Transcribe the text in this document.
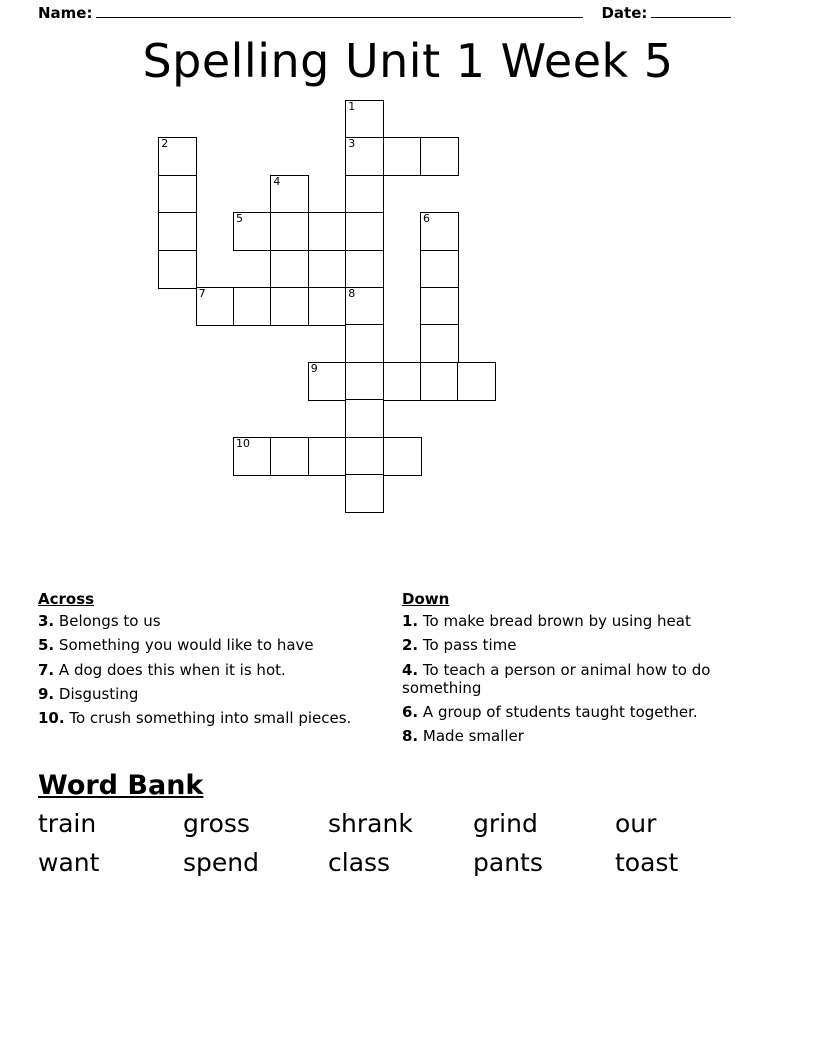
Name:	Date:
Spelling Unit 1 Week 5
1
3
2
4
5	6
7	8
9
10
Across
3. Belongs to us
5. Something you would like to have
7. A dog does this when it is hot.
9. Disgusting
10. To crush something into small pieces.
Down
1. To make bread brown by using heat
2. To pass time
4. To teach a person or animal how to do something
6. A group of students taught together.
8. Made smaller
Word Bank
train	gross	shrank	grind	our
want	spend	class	pants	toast
